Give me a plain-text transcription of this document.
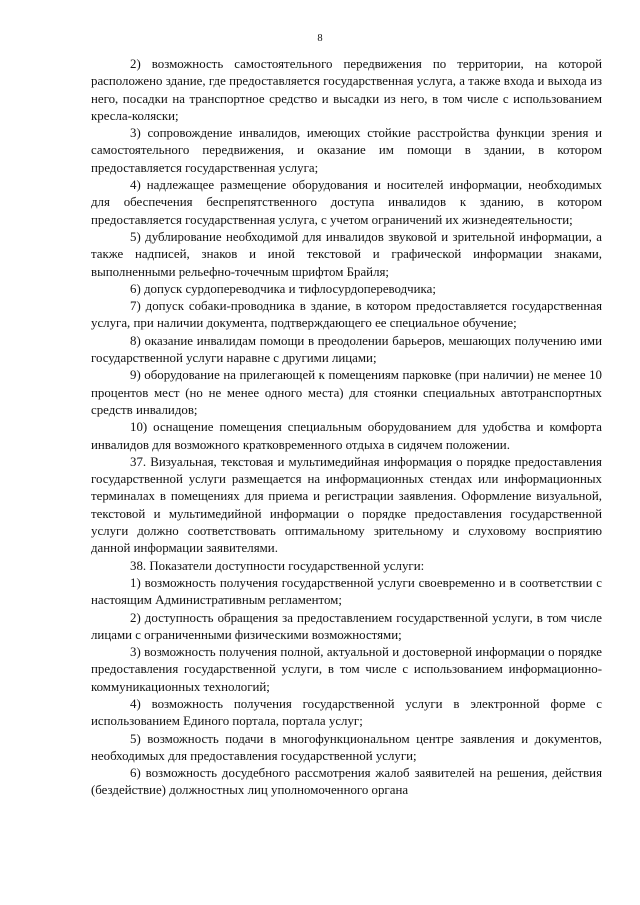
8

2) возможность самостоятельного передвижения по территории, на которой расположено здание, где предоставляется государственная услуга, а также входа и выхода из него, посадки на транспортное средство и высадки из него, в том числе с использованием кресла-коляски;

3) сопровождение инвалидов, имеющих стойкие расстройства функции зрения и самостоятельного передвижения, и оказание им помощи в здании, в котором предоставляется государственная услуга;

4) надлежащее размещение оборудования и носителей информации, необходимых для обеспечения беспрепятственного доступа инвалидов к зданию, в котором предоставляется государственная услуга, с учетом ограничений их жизнедеятельности;

5) дублирование необходимой для инвалидов звуковой и зрительной информации, а также надписей, знаков и иной текстовой и графической информации знаками, выполненными рельефно-точечным шрифтом Брайля;

6) допуск сурдопереводчика и тифлосурдопереводчика;

7) допуск собаки-проводника в здание, в котором предоставляется государственная услуга, при наличии документа, подтверждающего ее специальное обучение;

8) оказание инвалидам помощи в преодолении барьеров, мешающих получению ими государственной услуги наравне с другими лицами;

9) оборудование на прилегающей к помещениям парковке (при наличии) не менее 10 процентов мест (но не менее одного места) для стоянки специальных автотранспортных средств инвалидов;

10) оснащение помещения специальным оборудованием для удобства и комфорта инвалидов для возможного кратковременного отдыха в сидячем положении.

37. Визуальная, текстовая и мультимедийная информация о порядке предоставления государственной услуги размещается на информационных стендах или информационных терминалах в помещениях для приема и регистрации заявления. Оформление визуальной, текстовой и мультимедийной информации о порядке предоставления государственной услуги должно соответствовать оптимальному зрительному и слуховому восприятию данной информации заявителями.

38. Показатели доступности государственной услуги:

1) возможность получения государственной услуги своевременно и в соответствии с настоящим Административным регламентом;

2) доступность обращения за предоставлением государственной услуги, в том числе лицами с ограниченными физическими возможностями;

3) возможность получения полной, актуальной и достоверной информации о порядке предоставления государственной услуги, в том числе с использованием информационно-коммуникационных технологий;

4) возможность получения государственной услуги в электронной форме с использованием Единого портала, портала услуг;

5) возможность подачи в многофункциональном центре заявления и документов, необходимых для предоставления государственной услуги;

6) возможность досудебного рассмотрения жалоб заявителей на решения, действия (бездействие) должностных лиц уполномоченного органа
